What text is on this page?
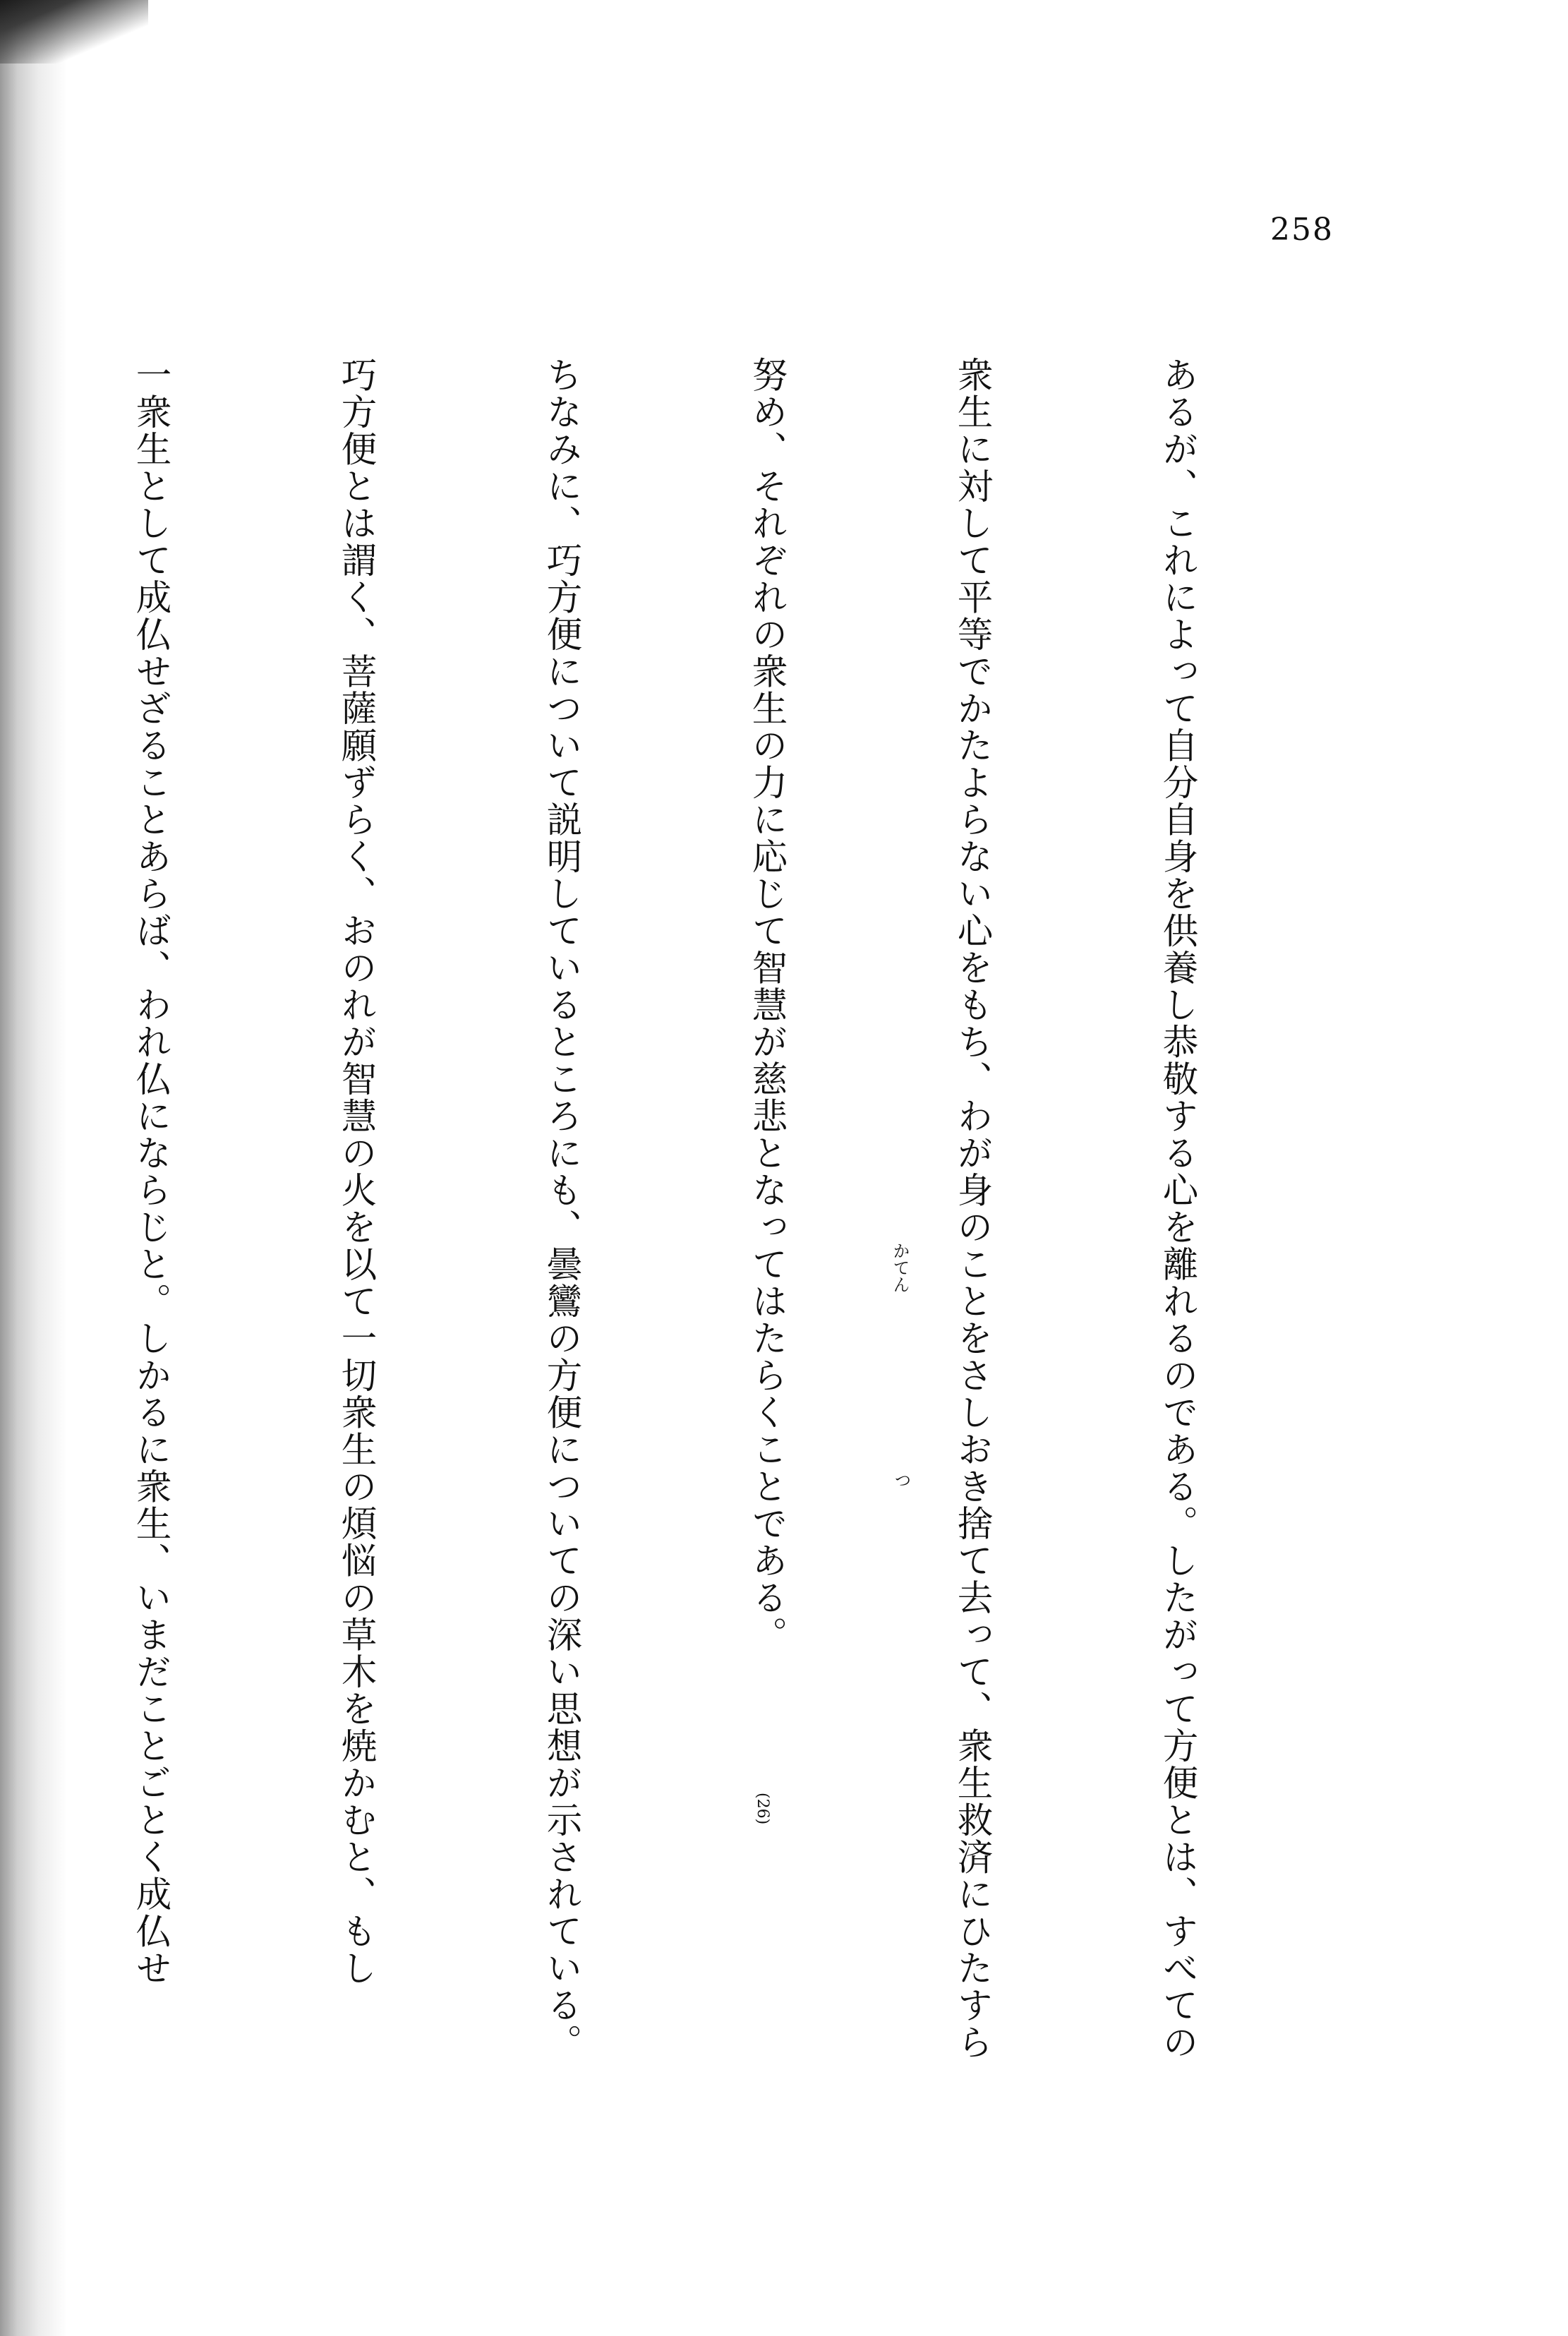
258

あるが、これによって自分自身を供養し恭敬する心を離れるのである。したがって方便とは、すべての

衆生に対して平等でかたよらない心をもち、わが身のことをさしおき捨て去って、衆生救済にひたすら

努め、それぞれの衆生の力に応じて智慧が慈悲となってはたらくことである。

ちなみに、巧方便について説明しているところにも、曇鸞の方便についての深い思想が示されている。

巧方便とは謂く、菩薩願ずらく、おのれが智慧の火を以て一切衆生の煩悩の草木を焼かむと、もし

一衆生として成仏せざることあらば、われ仏にならじと。しかるに衆生、いまだことごとく成仏せ

	かてん
つ
(26)
